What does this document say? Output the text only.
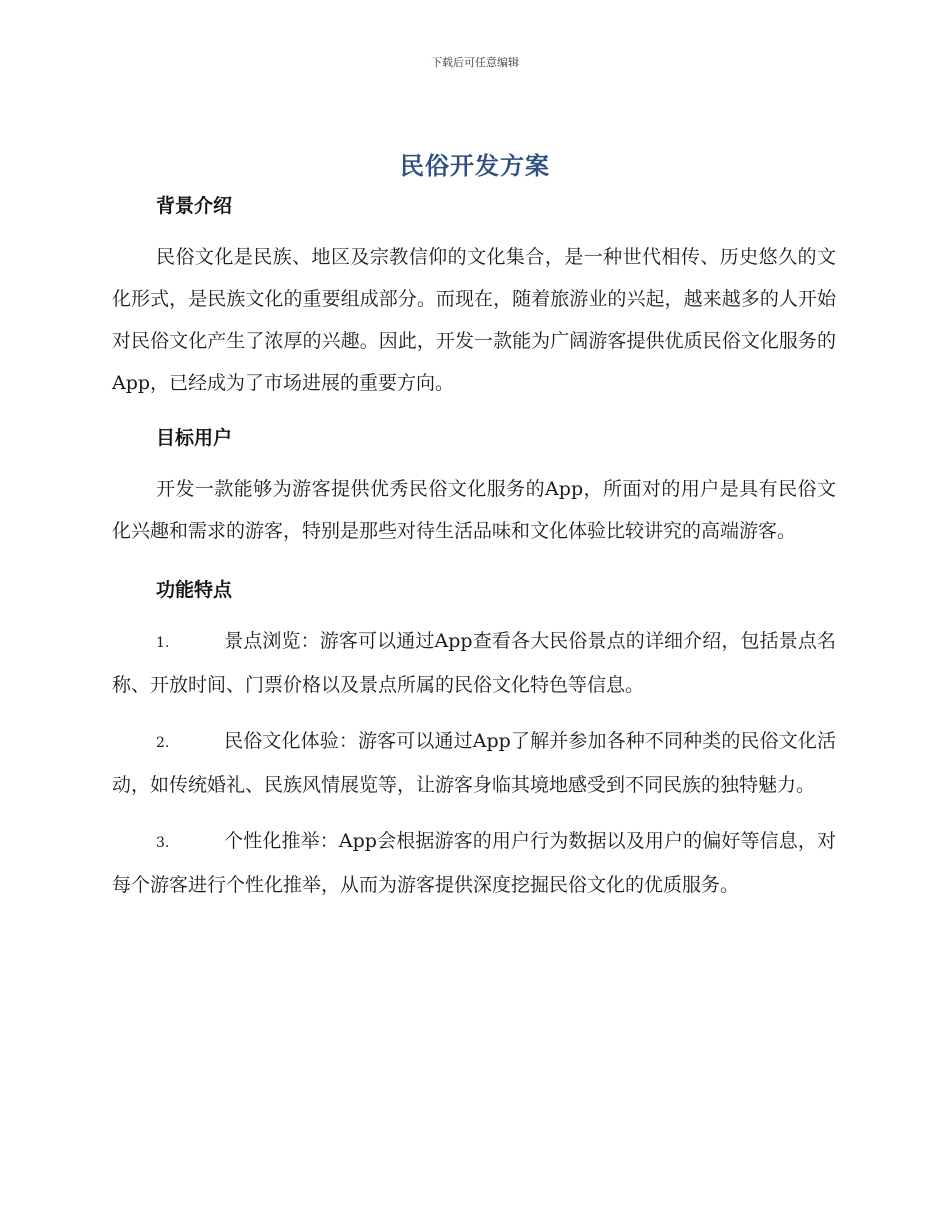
下载后可任意编辑
民俗开发方案
背景介绍

民俗文化是民族、地区及宗教信仰的文化集合，是一种世代相传、历史悠久的文化形式，是民族文化的重要组成部分。而现在，随着旅游业的兴起，越来越多的人开始对民俗文化产生了浓厚的兴趣。因此，开发一款能为广阔游客提供优质民俗文化服务的App，已经成为了市场进展的重要方向。

目标用户

开发一款能够为游客提供优秀民俗文化服务的App，所面对的用户是具有民俗文化兴趣和需求的游客，特别是那些对待生活品味和文化体验比较讲究的高端游客。

功能特点

1.	景点浏览：游客可以通过App查看各大民俗景点的详细介绍，包括景点名称、开放时间、门票价格以及景点所属的民俗文化特色等信息。

2.	民俗文化体验：游客可以通过App了解并参加各种不同种类的民俗文化活动，如传统婚礼、民族风情展览等，让游客身临其境地感受到不同民族的独特魅力。

3.	个性化推举：App会根据游客的用户行为数据以及用户的偏好等信息，对每个游客进行个性化推举，从而为游客提供深度挖掘民俗文化的优质服务。
